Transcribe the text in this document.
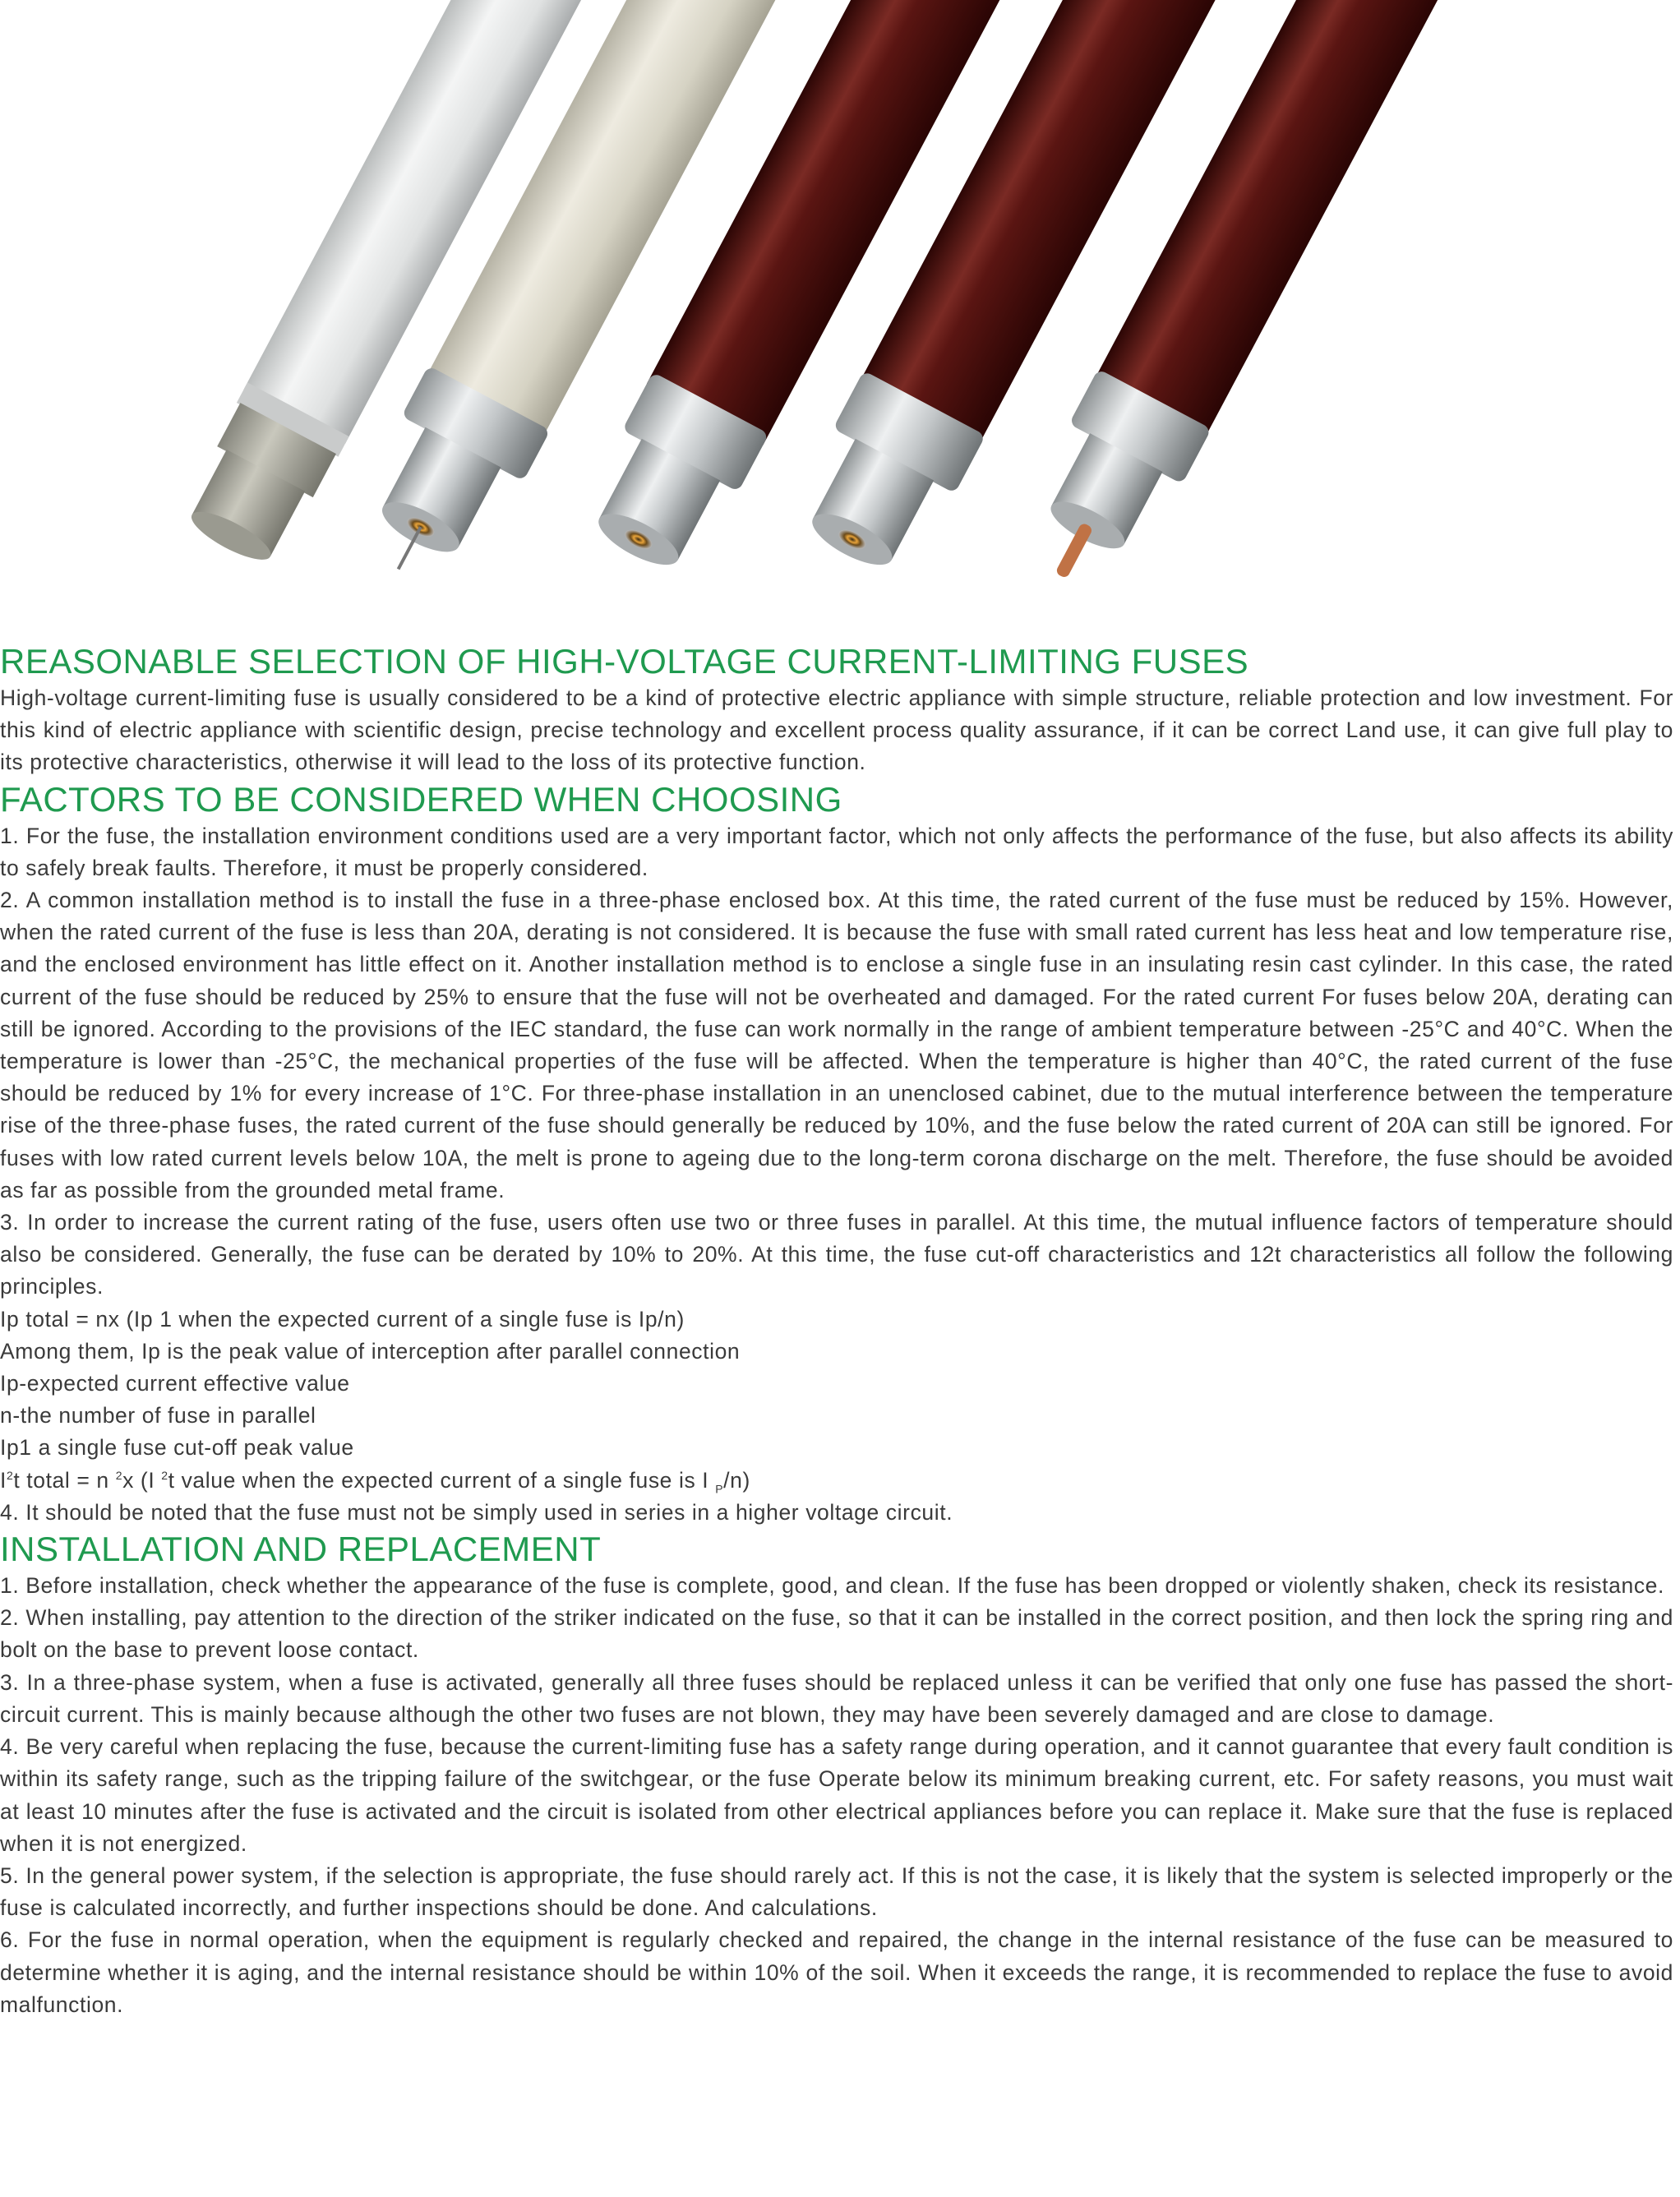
REASONABLE SELECTION OF HIGH-VOLTAGE CURRENT-LIMITING FUSES

High-voltage current-limiting fuse is usually considered to be a kind of protective electric appliance with simple structure, reliable protection and low investment. For this kind of electric appliance with scientific design, precise technology and excellent process quality assurance, if it can be correct Land use, it can give full play to its protective characteristics, otherwise it will lead to the loss of its protective function.

FACTORS TO BE CONSIDERED WHEN CHOOSING

1. For the fuse, the installation environment conditions used are a very important factor, which not only affects the performance of the fuse, but also affects its ability to safely break faults. Therefore, it must be properly considered.

2. A common installation method is to install the fuse in a three-phase enclosed box. At this time, the rated current of the fuse must be reduced by 15%. However, when the rated current of the fuse is less than 20A, derating is not considered. It is because the fuse with small rated current has less heat and low temperature rise, and the enclosed environment has little effect on it. Another installation method is to enclose a single fuse in an insulating resin cast cylinder. In this case, the rated current of the fuse should be reduced by 25% to ensure that the fuse will not be overheated and damaged. For the rated current For fuses below 20A, derating can still be ignored. According to the provisions of the IEC standard, the fuse can work normally in the range of ambient temperature between -25°C and 40°C. When the temperature is lower than -25°C, the mechanical properties of the fuse will be affected. When the temperature is higher than 40°C, the rated current of the fuse should be reduced by 1% for every increase of 1°C. For three-phase installation in an unenclosed cabinet, due to the mutual interference between the temperature rise of the three-phase fuses, the rated current of the fuse should generally be reduced by 10%, and the fuse below the rated current of 20A can still be ignored. For fuses with low rated current levels below 10A, the melt is prone to ageing due to the long-term corona discharge on the melt. Therefore, the fuse should be avoided as far as possible from the grounded metal frame.

3. In order to increase the current rating of the fuse, users often use two or three fuses in parallel. At this time, the mutual influence factors of temperature should also be considered. Generally, the fuse can be derated by 10% to 20%. At this time, the fuse cut-off characteristics and 12t characteristics all follow the following principles.

Ip total = nx (Ip 1 when the expected current of a single fuse is Ip/n)

Among them, Ip is the peak value of interception after parallel connection

Ip-expected current effective value

n-the number of fuse in parallel

Ip1 a single fuse cut-off peak value

$I^2t$ total = n $^2$x (I $^2$t value when the expected current of a single fuse is I $_P$/n)

4. It should be noted that the fuse must not be simply used in series in a higher voltage circuit.

INSTALLATION AND REPLACEMENT

1. Before installation, check whether the appearance of the fuse is complete, good, and clean. If the fuse has been dropped or violently shaken, check its resistance.

2. When installing, pay attention to the direction of the striker indicated on the fuse, so that it can be installed in the correct position, and then lock the spring ring and bolt on the base to prevent loose contact.

3. In a three-phase system, when a fuse is activated, generally all three fuses should be replaced unless it can be verified that only one fuse has passed the short-circuit current. This is mainly because although the other two fuses are not blown, they may have been severely damaged and are close to damage.

4. Be very careful when replacing the fuse, because the current-limiting fuse has a safety range during operation, and it cannot guarantee that every fault condition is within its safety range, such as the tripping failure of the switchgear, or the fuse Operate below its minimum breaking current, etc. For safety reasons, you must wait at least 10 minutes after the fuse is activated and the circuit is isolated from other electrical appliances before you can replace it. Make sure that the fuse is replaced when it is not energized.

5. In the general power system, if the selection is appropriate, the fuse should rarely act. If this is not the case, it is likely that the system is selected improperly or the fuse is calculated incorrectly, and further inspections should be done. And calculations.

6. For the fuse in normal operation, when the equipment is regularly checked and repaired, the change in the internal resistance of the fuse can be measured to determine whether it is aging, and the internal resistance should be within 10% of the soil. When it exceeds the range, it is recommended to replace the fuse to avoid malfunction.
